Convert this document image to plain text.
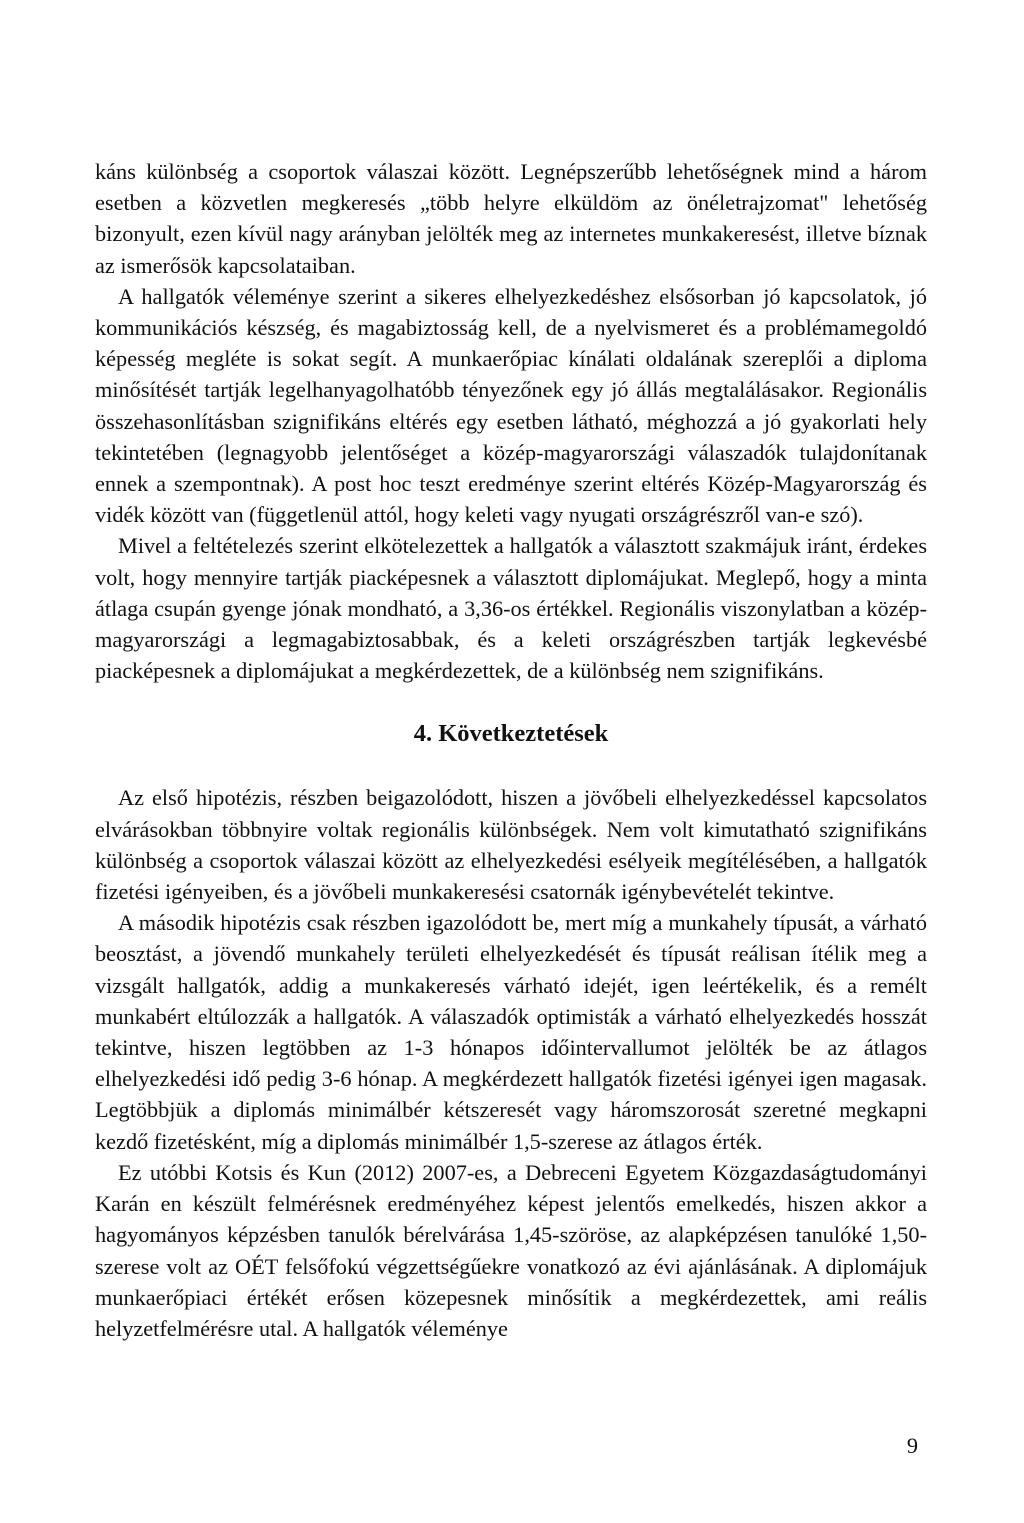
káns különbség a csoportok válaszai között. Legnépszerűbb lehetőségnek mind a három esetben a közvetlen megkeresés „több helyre elküldöm az önéletrajzomat" lehetőség bizonyult, ezen kívül nagy arányban jelölték meg az internetes munkakeresést, illetve bíznak az ismerősök kapcsolataiban.

A hallgatók véleménye szerint a sikeres elhelyezkedéshez elsősorban jó kapcsolatok, jó kommunikációs készség, és magabiztosság kell, de a nyelvismeret és a problémamegoldó képesség megléte is sokat segít. A munkaerőpiac kínálati oldalának szereplői a diploma minősítését tartják legelhanyagolhatóbb tényezőnek egy jó állás megtalálásakor. Regionális összehasonlításban szignifikáns eltérés egy esetben látható, méghozzá a jó gyakorlati hely tekintetében (legnagyobb jelentőséget a közép-magyarországi válaszadók tulajdonítanak ennek a szempontnak). A post hoc teszt eredménye szerint eltérés Közép-Magyarország és vidék között van (függetlenül attól, hogy keleti vagy nyugati országrészről van-e szó).

Mivel a feltételezés szerint elkötelezettek a hallgatók a választott szakmájuk iránt, érdekes volt, hogy mennyire tartják piacképesnek a választott diplomájukat. Meglepő, hogy a minta átlaga csupán gyenge jónak mondható, a 3,36-os értékkel. Regionális viszonylatban a közép-magyarországi a legmagabiztosabbak, és a keleti országrészben tartják legkevésbé piacképesnek a diplomájukat a megkérdezettek, de a különbség nem szignifikáns.

4. Következtetések

Az első hipotézis, részben beigazolódott, hiszen a jövőbeli elhelyezkedéssel kapcsolatos elvárásokban többnyire voltak regionális különbségek. Nem volt kimutatható szignifikáns különbség a csoportok válaszai között az elhelyezkedési esélyeik megítélésében, a hallgatók fizetési igényeiben, és a jövőbeli munkakeresési csatornák igénybevételét tekintve.

A második hipotézis csak részben igazolódott be, mert míg a munkahely típusát, a várható beosztást, a jövendő munkahely területi elhelyezkedését és típusát reálisan ítélik meg a vizsgált hallgatók, addig a munkakeresés várható idejét, igen leértékelik, és a remélt munkabért eltúlozzák a hallgatók. A válaszadók optimisták a várható elhelyezkedés hosszát tekintve, hiszen legtöbben az 1-3 hónapos időintervallumot jelölték be az átlagos elhelyezkedési idő pedig 3-6 hónap. A megkérdezett hallgatók fizetési igényei igen magasak. Legtöbbjük a diplomás minimálbér kétszeresét vagy háromszorosát szeretné megkapni kezdő fizetésként, míg a diplomás minimálbér 1,5-szerese az átlagos érték.

Ez utóbbi Kotsis és Kun (2012) 2007-es, a Debreceni Egyetem Közgazdaságtudományi Karán en készült felmérésnek eredményéhez képest jelentős emelkedés, hiszen akkor a hagyományos képzésben tanulók bérelvárása 1,45-szöröse, az alapképzésen tanulóké 1,50-szerese volt az OÉT felsőfokú végzettségűekre vonatkozó az évi ajánlásának. A diplomájuk munkaerőpiaci értékét erősen közepesnek minősítik a megkérdezettek, ami reális helyzetfelmérésre utal. A hallgatók véleménye

9
